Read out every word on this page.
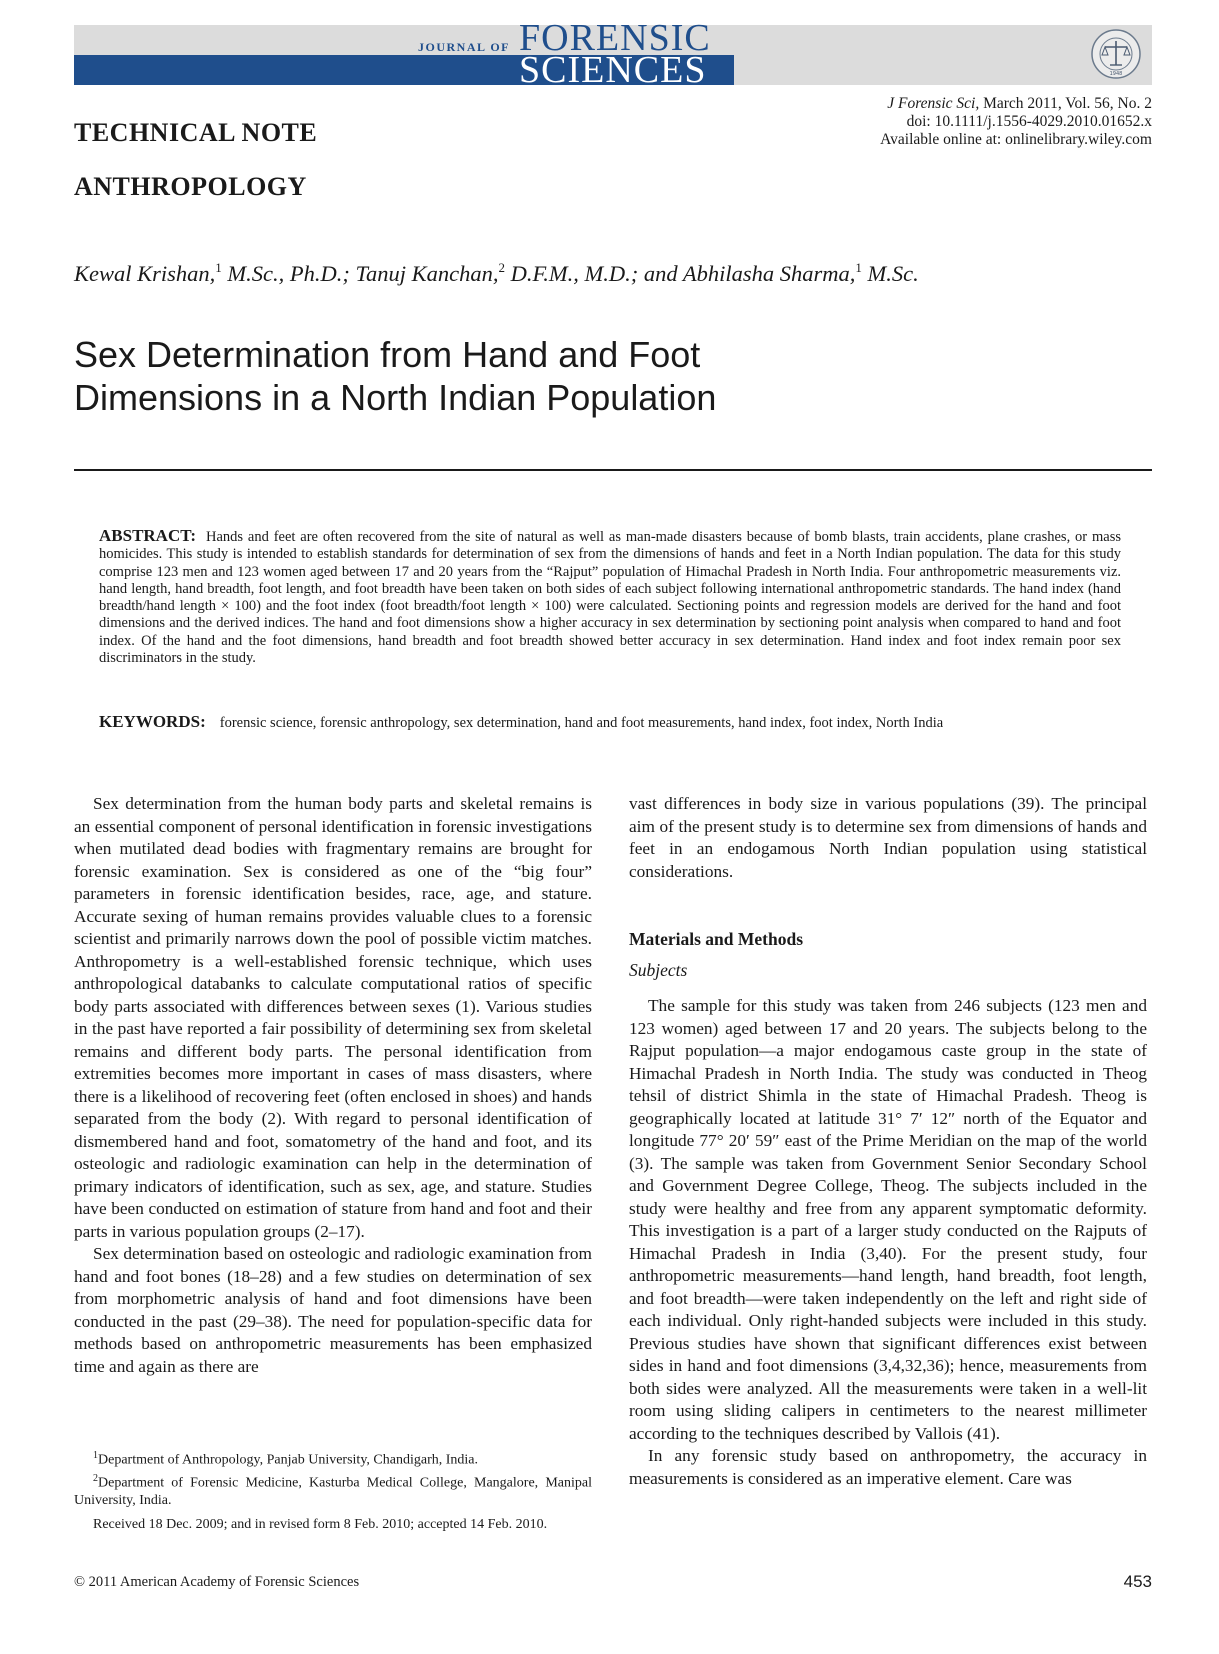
JOURNAL OF FORENSIC
SCIENCES	1948
J Forensic Sci, March 2011, Vol. 56, No. 2
doi: 10.1111/j.1556-4029.2010.01652.x
Available online at: onlinelibrary.wiley.com
TECHNICAL NOTE
ANTHROPOLOGY
Kewal Krishan,$^1$ M.Sc., Ph.D.; Tanuj Kanchan,$^2$ D.F.M., M.D.; and Abhilasha Sharma,$^1$ M.Sc.
Sex Determination from Hand and Foot
Dimensions in a North Indian Population
ABSTRACT: Hands and feet are often recovered from the site of natural as well as man-made disasters because of bomb blasts, train accidents, plane crashes, or mass homicides. This study is intended to establish standards for determination of sex from the dimensions of hands and feet in a North Indian population. The data for this study comprise 123 men and 123 women aged between 17 and 20 years from the “Rajput” population of Himachal Pradesh in North India. Four anthropometric measurements viz. hand length, hand breadth, foot length, and foot breadth have been taken on both sides of each subject following international anthropometric standards. The hand index (hand breadth/hand length × 100) and the foot index (foot breadth/foot length × 100) were calculated. Sectioning points and regression models are derived for the hand and foot dimensions and the derived indices. The hand and foot dimensions show a higher accuracy in sex determination by sectioning point analysis when compared to hand and foot index. Of the hand and the foot dimensions, hand breadth and foot breadth showed better accuracy in sex determination. Hand index and foot index remain poor sex discriminators in the study.
KEYWORDS: forensic science, forensic anthropology, sex determination, hand and foot measurements, hand index, foot index, North India

Sex determination from the human body parts and skeletal remains is an essential component of personal identification in forensic investigations when mutilated dead bodies with fragmentary remains are brought for forensic examination. Sex is considered as one of the “big four” parameters in forensic identification besides, race, age, and stature. Accurate sexing of human remains provides valuable clues to a forensic scientist and primarily narrows down the pool of possible victim matches. Anthropometry is a well-established forensic technique, which uses anthropological databanks to calculate computational ratios of specific body parts associated with differences between sexes (1). Various studies in the past have reported a fair possibility of determining sex from skeletal remains and different body parts. The personal identification from extremities becomes more important in cases of mass disasters, where there is a likelihood of recovering feet (often enclosed in shoes) and hands separated from the body (2). With regard to personal identification of dismembered hand and foot, somatometry of the hand and foot, and its osteologic and radiologic examination can help in the determination of primary indicators of identification, such as sex, age, and stature. Studies have been conducted on estimation of stature from hand and foot and their parts in various population groups (2–17).

Sex determination based on osteologic and radiologic examination from hand and foot bones (18–28) and a few studies on determination of sex from morphometric analysis of hand and foot dimensions have been conducted in the past (29–38). The need for population-specific data for methods based on anthropometric measurements has been emphasized time and again as there are

vast differences in body size in various populations (39). The principal aim of the present study is to determine sex from dimensions of hands and feet in an endogamous North Indian population using statistical considerations.

Materials and Methods
Subjects

The sample for this study was taken from 246 subjects (123 men and 123 women) aged between 17 and 20 years. The subjects belong to the Rajput population—a major endogamous caste group in the state of Himachal Pradesh in North India. The study was conducted in Theog tehsil of district Shimla in the state of Himachal Pradesh. Theog is geographically located at latitude 31° 7′ 12″ north of the Equator and longitude 77° 20′ 59″ east of the Prime Meridian on the map of the world (3). The sample was taken from Government Senior Secondary School and Government Degree College, Theog. The subjects included in the study were healthy and free from any apparent symptomatic deformity. This investigation is a part of a larger study conducted on the Rajputs of Himachal Pradesh in India (3,40). For the present study, four anthropometric measurements—hand length, hand breadth, foot length, and foot breadth—were taken independently on the left and right side of each individual. Only right-handed subjects were included in this study. Previous studies have shown that significant differences exist between sides in hand and foot dimensions (3,4,32,36); hence, measurements from both sides were analyzed. All the measurements were taken in a well-lit room using sliding calipers in centimeters to the nearest millimeter according to the techniques described by Vallois (41).

In any forensic study based on anthropometry, the accuracy in measurements is considered as an imperative element. Care was

$^1$Department of Anthropology, Panjab University, Chandigarh, India.

$^2$Department of Forensic Medicine, Kasturba Medical College, Mangalore, Manipal University, India.

Received 18 Dec. 2009; and in revised form 8 Feb. 2010; accepted 14 Feb. 2010.

© 2011 American Academy of Forensic Sciences	453
